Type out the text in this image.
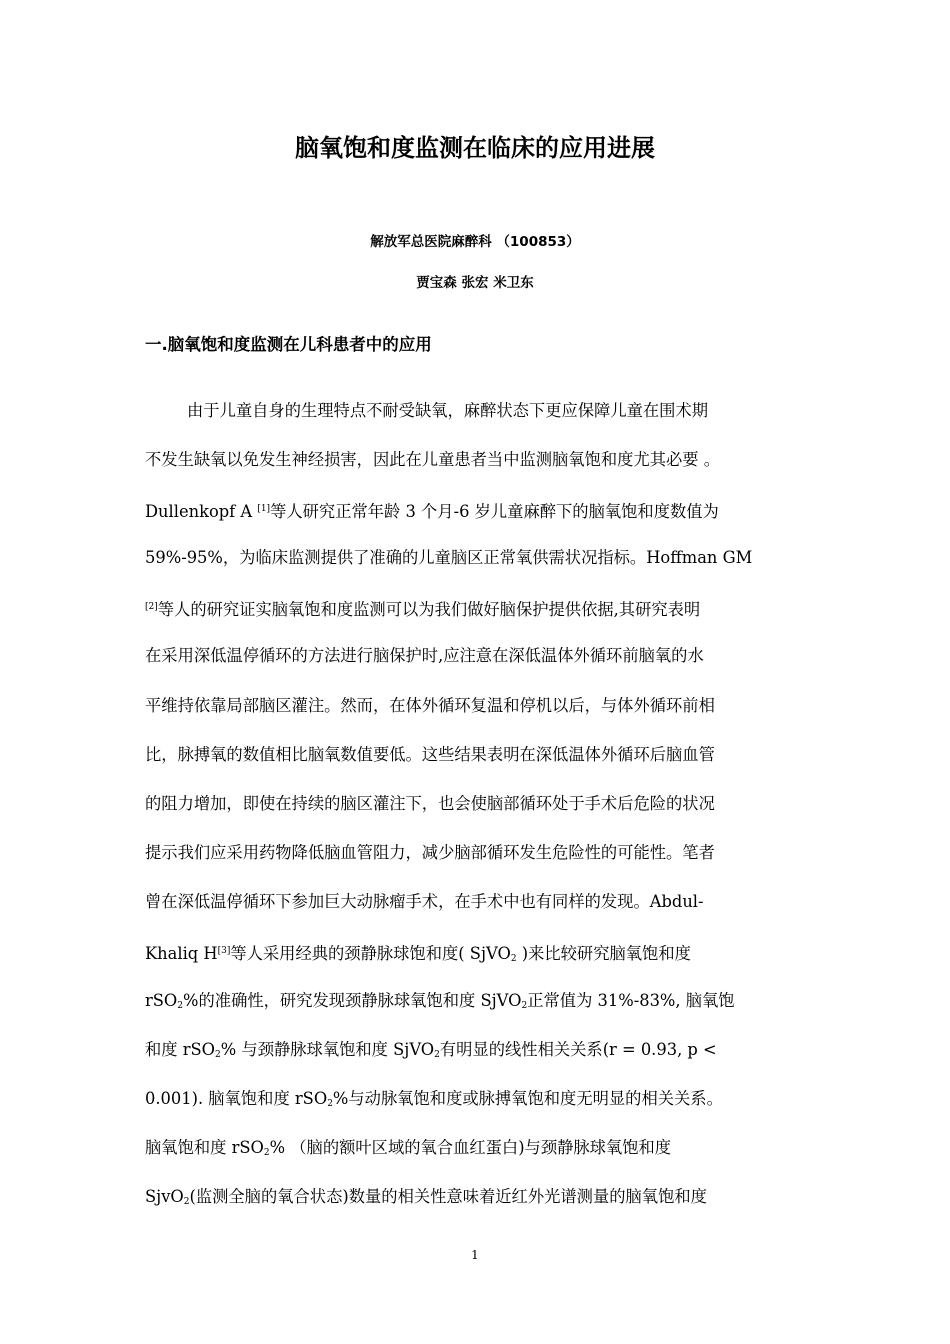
脑氧饱和度监测在临床的应用进展
解放军总医院麻醉科 （100853）
贾宝森 张宏 米卫东
一.脑氧饱和度监测在儿科患者中的应用
由于儿童自身的生理特点不耐受缺氧，麻醉状态下更应保障儿童在围术期
不发生缺氧以免发生神经损害，因此在儿童患者当中监测脑氧饱和度尤其必要 。
Dullenkopf A [1]等人研究正常年龄 3 个月-6 岁儿童麻醉下的脑氧饱和度数值为
59%-95%，为临床监测提供了准确的儿童脑区正常氧供需状况指标。Hoffman GM
[2]等人的研究证实脑氧饱和度监测可以为我们做好脑保护提供依据,其研究表明
在采用深低温停循环的方法进行脑保护时,应注意在深低温体外循环前脑氧的水
平维持依靠局部脑区灌注。然而，在体外循环复温和停机以后，与体外循环前相
比，脉搏氧的数值相比脑氧数值要低。这些结果表明在深低温体外循环后脑血管
的阻力增加，即使在持续的脑区灌注下，也会使脑部循环处于手术后危险的状况
提示我们应采用药物降低脑血管阻力，减少脑部循环发生危险性的可能性。笔者
曾在深低温停循环下参加巨大动脉瘤手术，在手术中也有同样的发现。Abdul-
Khaliq H[3]等人采用经典的颈静脉球饱和度( SjVO$_2$ )来比较研究脑氧饱和度
rSO$_2$%的准确性，研究发现颈静脉球氧饱和度 SjVO$_2$正常值为 31%-83%, 脑氧饱
和度 rSO$_2$% 与颈静脉球氧饱和度 SjVO$_2$有明显的线性相关关系(r = 0.93, p <
0.001). 脑氧饱和度 rSO$_2$%与动脉氧饱和度或脉搏氧饱和度无明显的相关关系。
脑氧饱和度 rSO$_2$% （脑的额叶区域的氧合血红蛋白)与颈静脉球氧饱和度
SjvO$_2$(监测全脑的氧合状态)数量的相关性意味着近红外光谱测量的脑氧饱和度
1
